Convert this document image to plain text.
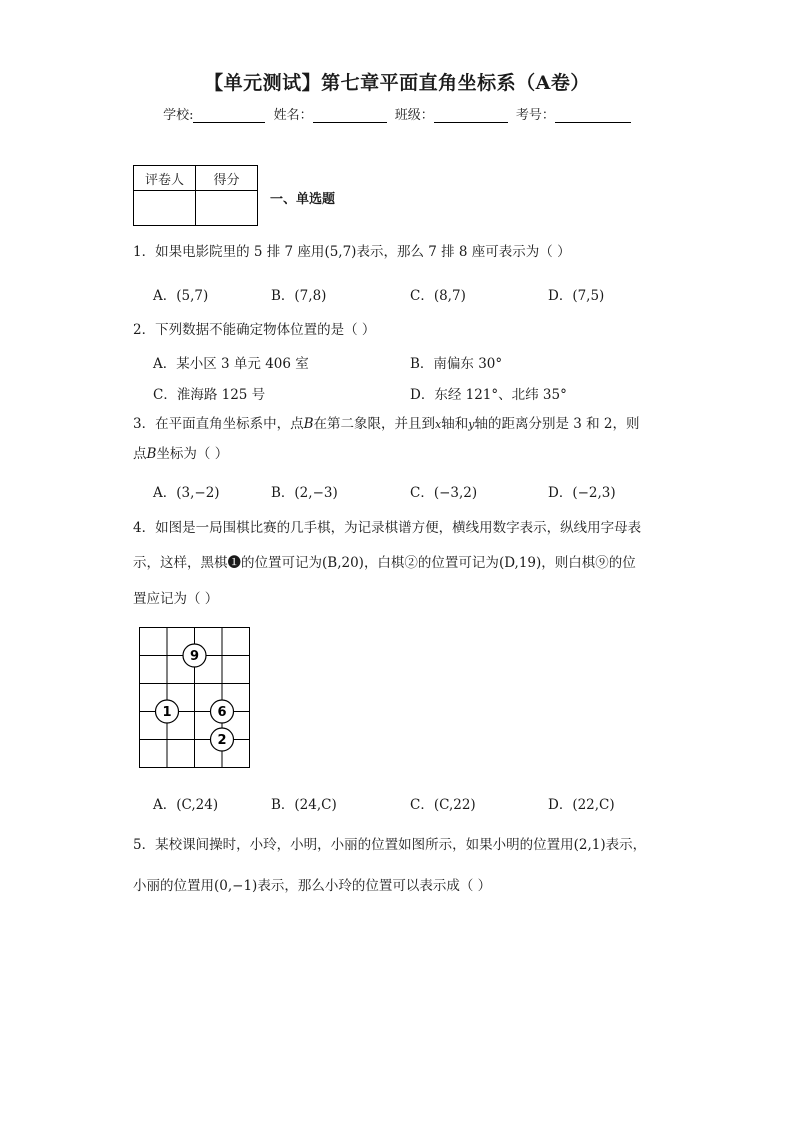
【单元测试】第七章平面直角坐标系（A卷）
学校:	姓名：	班级：	考号：
评卷人	得分

一、单选题
1．如果电影院里的 5 排 7 座用(5,7)表示，那么 7 排 8 座可表示为（ ）
A．(5,7)	B．(7,8)	C．(8,7)	D．(7,5)
2．下列数据不能确定物体位置的是（ ）
A．某小区 3 单元 406 室	B．南偏东 30°
C．淮海路 125 号	D．东经 121°、北纬 35°
3．在平面直角坐标系中，点B在第二象限，并且到x轴和y轴的距离分别是 3 和 2，则
点B坐标为（ ）
A．(3,−2)	B．(2,−3)	C．(−3,2)	D．(−2,3)
4．如图是一局围棋比赛的几手棋，为记录棋谱方便，横线用数字表示，纵线用字母表
示，这样，黑棋❶的位置可记为(B,20)，白棋②的位置可记为(D,19)，则白棋⑨的位
置应记为（ ）
9
1	6
2
A．(C,24)	B．(24,C)	C．(C,22)	D．(22,C)
5．某校课间操时，小玲，小明，小丽的位置如图所示，如果小明的位置用(2,1)表示，
小丽的位置用(0,−1)表示，那么小玲的位置可以表示成（ ）
